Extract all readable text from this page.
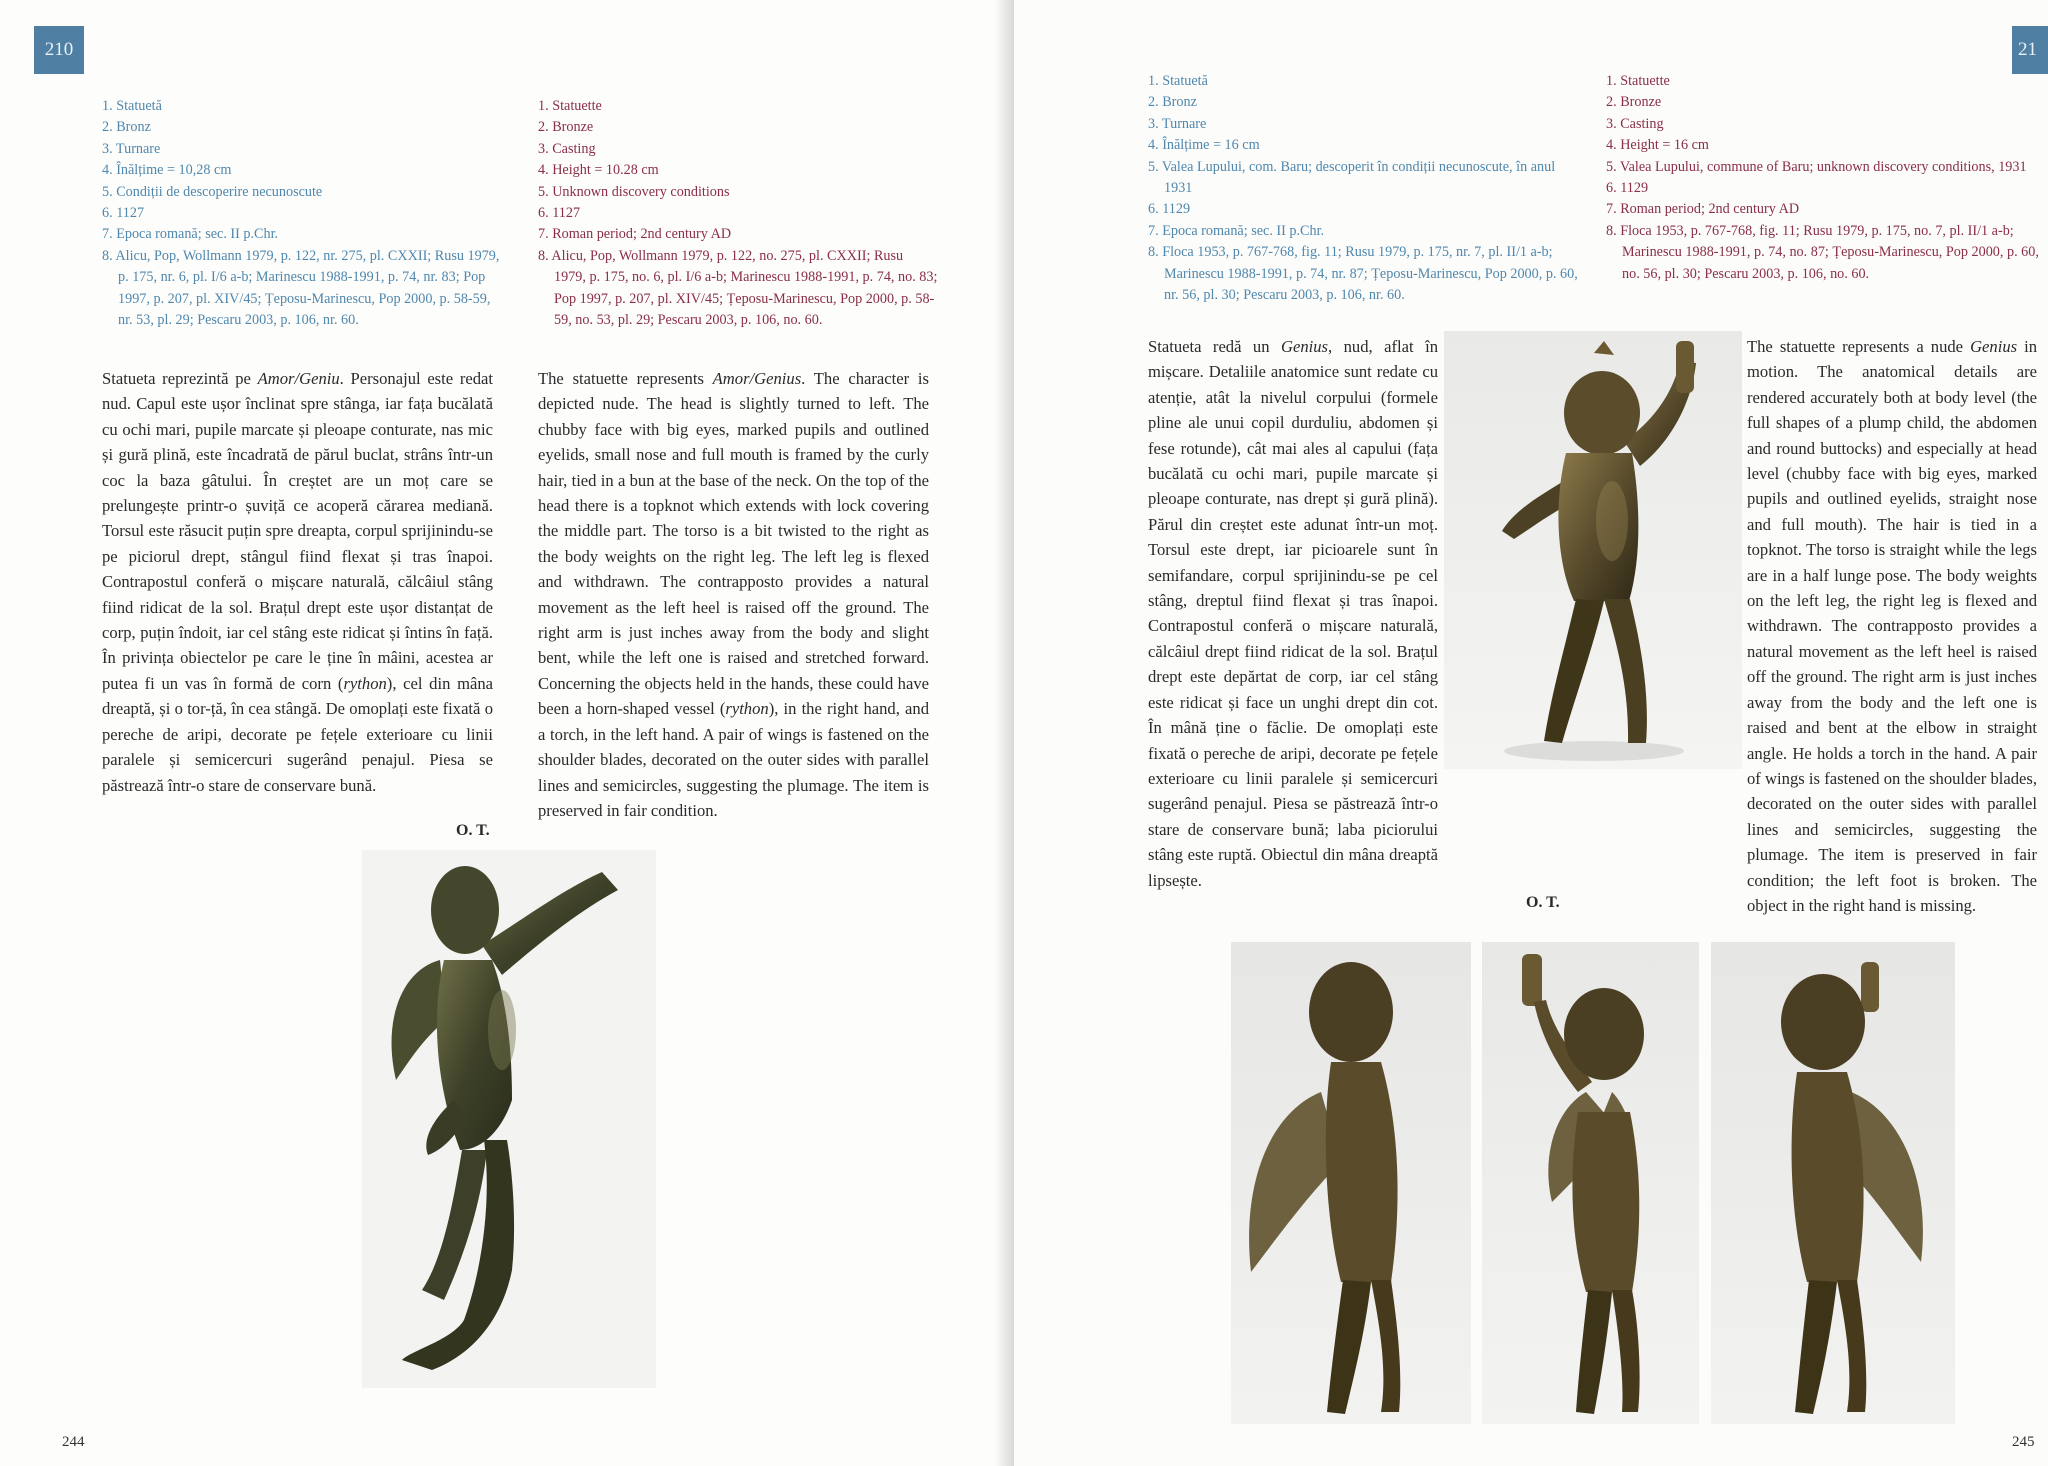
210
1. Statuetă
2. Bronz
3. Turnare
4. Înălțime = 10,28 cm
5. Condiții de descoperire necunoscute
6. 1127
7. Epoca romană; sec. II p.Chr.
8. Alicu, Pop, Wollmann 1979, p. 122, nr. 275, pl. CXXII; Rusu 1979, p. 175, nr. 6, pl. I/6 a-b; Marinescu 1988-1991, p. 74, nr. 83; Pop 1997, p. 207, pl. XIV/45; Țeposu-Marinescu, Pop 2000, p. 58-59, nr. 53, pl. 29; Pescaru 2003, p. 106, nr. 60.
1. Statuette
2. Bronze
3. Casting
4. Height = 10.28 cm
5. Unknown discovery conditions
6. 1127
7. Roman period; 2nd century AD
8. Alicu, Pop, Wollmann 1979, p. 122, no. 275, pl. CXXII; Rusu 1979, p. 175, no. 6, pl. I/6 a-b; Marinescu 1988-1991, p. 74, no. 83; Pop 1997, p. 207, pl. XIV/45; Țeposu-Marinescu, Pop 2000, p. 58-59, no. 53, pl. 29; Pescaru 2003, p. 106, no. 60.
Statueta reprezintă pe Amor/Geniu. Personajul este redat nud. Capul este ușor înclinat spre stânga, iar fața bucălată cu ochi mari, pupile marcate și pleoape conturate, nas mic și gură plină, este încadrată de părul buclat, strâns într-un coc la baza gâtului. În creștet are un moț care se prelungește printr-o șuviță ce acoperă cărarea mediană. Torsul este răsucit puțin spre dreapta, corpul sprijinindu-se pe piciorul drept, stângul fiind flexat și tras înapoi. Contrapostul conferă o mișcare naturală, călcâiul stâng fiind ridicat de la sol. Brațul drept este ușor distanțat de corp, puțin îndoit, iar cel stâng este ridicat și întins în față. În privința obiectelor pe care le ține în mâini, acestea ar putea fi un vas în formă de corn (rython), cel din mâna dreaptă, și o tor-ță, în cea stângă. De omoplați este fixată o pereche de aripi, decorate pe fețele exterioare cu linii paralele și semicercuri sugerând penajul. Piesa se păstrează într-o stare de conservare bună.
O. T.
The statuette represents Amor/Genius. The character is depicted nude. The head is slightly turned to left. The chubby face with big eyes, marked pupils and outlined eyelids, small nose and full mouth is framed by the curly hair, tied in a bun at the base of the neck. On the top of the head there is a topknot which extends with lock covering the middle part. The torso is a bit twisted to the right as the body weights on the right leg. The left leg is flexed and withdrawn. The contrapposto provides a natural movement as the left heel is raised off the ground. The right arm is just inches away from the body and slight bent, while the left one is raised and stretched forward. Concerning the objects held in the hands, these could have been a horn-shaped vessel (rython), in the right hand, and a torch, in the left hand. A pair of wings is fastened on the shoulder blades, decorated on the outer sides with parallel lines and semicircles, suggesting the plumage. The item is preserved in fair condition.
244
21
1. Statuetă
2. Bronz
3. Turnare
4. Înălțime = 16 cm
5. Valea Lupului, com. Baru; descoperit în condiții necunoscute, în anul 1931
6. 1129
7. Epoca romană; sec. II p.Chr.
8. Floca 1953, p. 767-768, fig. 11; Rusu 1979, p. 175, nr. 7, pl. II/1 a-b; Marinescu 1988-1991, p. 74, nr. 87; Țeposu-Marinescu, Pop 2000, p. 60, nr. 56, pl. 30; Pescaru 2003, p. 106, nr. 60.
1. Statuette
2. Bronze
3. Casting
4. Height = 16 cm
5. Valea Lupului, commune of Baru; unknown discovery conditions, 1931
6. 1129
7. Roman period; 2nd century AD
8. Floca 1953, p. 767-768, fig. 11; Rusu 1979, p. 175, no. 7, pl. II/1 a-b; Marinescu 1988-1991, p. 74, no. 87; Țeposu-Marinescu, Pop 2000, p. 60, no. 56, pl. 30; Pescaru 2003, p. 106, no. 60.
Statueta redă un Genius, nud, aflat în mișcare. Detaliile anatomice sunt redate cu atenție, atât la nivelul corpului (formele pline ale unui copil durduliu, abdomen și fese rotunde), cât mai ales al capului (fața bucălată cu ochi mari, pupile marcate și pleoape conturate, nas drept și gură plină). Părul din creștet este adunat într-un moț. Torsul este drept, iar picioarele sunt în semifandare, corpul sprijinindu-se pe cel stâng, dreptul fiind flexat și tras înapoi. Contrapostul conferă o mișcare naturală, călcâiul drept fiind ridicat de la sol. Brațul drept este depărtat de corp, iar cel stâng este ridicat și face un unghi drept din cot. În mână ține o făclie. De omoplați este fixată o pereche de aripi, decorate pe fețele exterioare cu linii paralele și semicercuri sugerând penajul. Piesa se păstrează într-o stare de conservare bună; laba piciorului stâng este ruptă. Obiectul din mâna dreaptă lipsește.
O. T.
The statuette represents a nude Genius in motion. The anatomical details are rendered accurately both at body level (the full shapes of a plump child, the abdomen and round buttocks) and especially at head level (chubby face with big eyes, marked pupils and outlined eyelids, straight nose and full mouth). The hair is tied in a topknot. The torso is straight while the legs are in a half lunge pose. The body weights on the left leg, the right leg is flexed and withdrawn. The contrapposto provides a natural movement as the left heel is raised off the ground. The right arm is just inches away from the body and the left one is raised and bent at the elbow in straight angle. He holds a torch in the hand. A pair of wings is fastened on the shoulder blades, decorated on the outer sides with parallel lines and semicircles, suggesting the plumage. The item is preserved in fair condition; the left foot is broken. The object in the right hand is missing.
245
